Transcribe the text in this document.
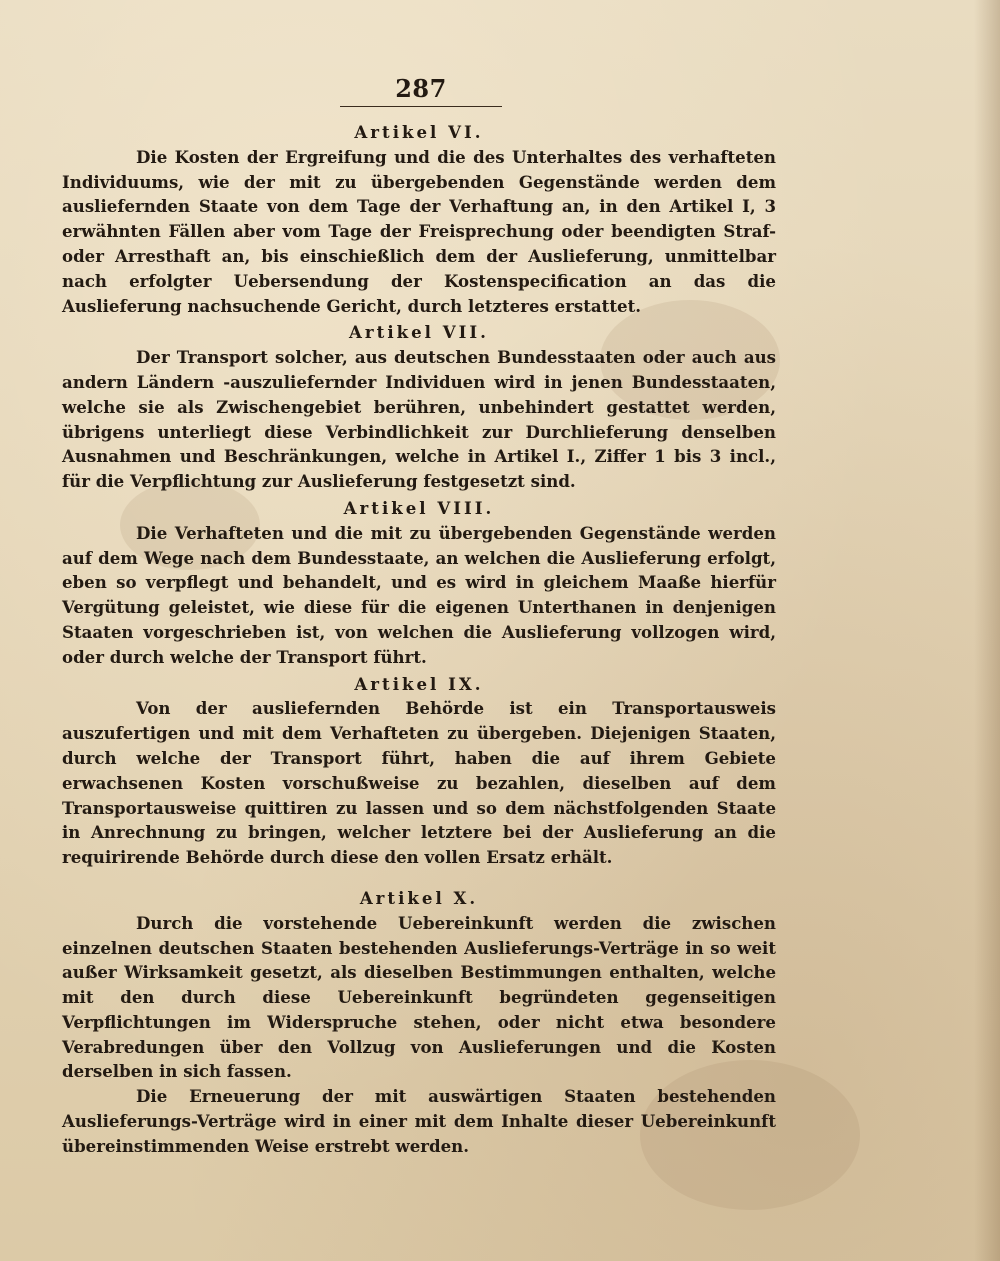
287
Artikel VI.

Die Kosten der Ergreifung und die des Unterhaltes des verhafteten Individuums, wie der mit zu übergebenden Gegenstände werden dem ausliefernden Staate von dem Tage der Verhaftung an, in den Artikel I, 3 erwähnten Fällen aber vom Tage der Freisprechung oder beendigten Straf- oder Arresthaft an, bis einschießlich dem der Auslieferung, unmittelbar nach erfolgter Uebersendung der Kostenspecification an das die Auslieferung nachsuchende Gericht, durch letzteres erstattet.

Artikel VII.

Der Transport solcher, aus deutschen Bundesstaaten oder auch aus andern Ländern -auszuliefernder Individuen wird in jenen Bundesstaaten, welche sie als Zwischengebiet berühren, unbehindert gestattet werden, übrigens unterliegt diese Verbindlichkeit zur Durchlieferung denselben Ausnahmen und Beschränkungen, welche in Artikel I., Ziffer 1 bis 3 incl., für die Verpflichtung zur Auslieferung festgesetzt sind.

Artikel VIII.

Die Verhafteten und die mit zu übergebenden Gegenstände werden auf dem Wege nach dem Bundesstaate, an welchen die Auslieferung erfolgt, eben so verpflegt und behandelt, und es wird in gleichem Maaße hierfür Vergütung geleistet, wie diese für die eigenen Unterthanen in denjenigen Staaten vorgeschrieben ist, von welchen die Auslieferung vollzogen wird, oder durch welche der Transport führt.

Artikel IX.

Von der ausliefernden Behörde ist ein Transportausweis auszufertigen und mit dem Verhafteten zu übergeben. Diejenigen Staaten, durch welche der Transport führt, haben die auf ihrem Gebiete erwachsenen Kosten vorschußweise zu bezahlen, dieselben auf dem Transportausweise quittiren zu lassen und so dem nächstfolgenden Staate in Anrechnung zu bringen, welcher letztere bei der Auslieferung an die requirirende Behörde durch diese den vollen Ersatz erhält.

Artikel X.

Durch die vorstehende Uebereinkunft werden die zwischen einzelnen deutschen Staaten bestehenden Auslieferungs-Verträge in so weit außer Wirksamkeit gesetzt, als dieselben Bestimmungen enthalten, welche mit den durch diese Uebereinkunft begründeten gegenseitigen Verpflichtungen im Widerspruche stehen, oder nicht etwa besondere Verabredungen über den Vollzug von Auslieferungen und die Kosten derselben in sich fassen.

Die Erneuerung der mit auswärtigen Staaten bestehenden Auslieferungs-Verträge wird in einer mit dem Inhalte dieser Uebereinkunft übereinstimmenden Weise erstrebt werden.
